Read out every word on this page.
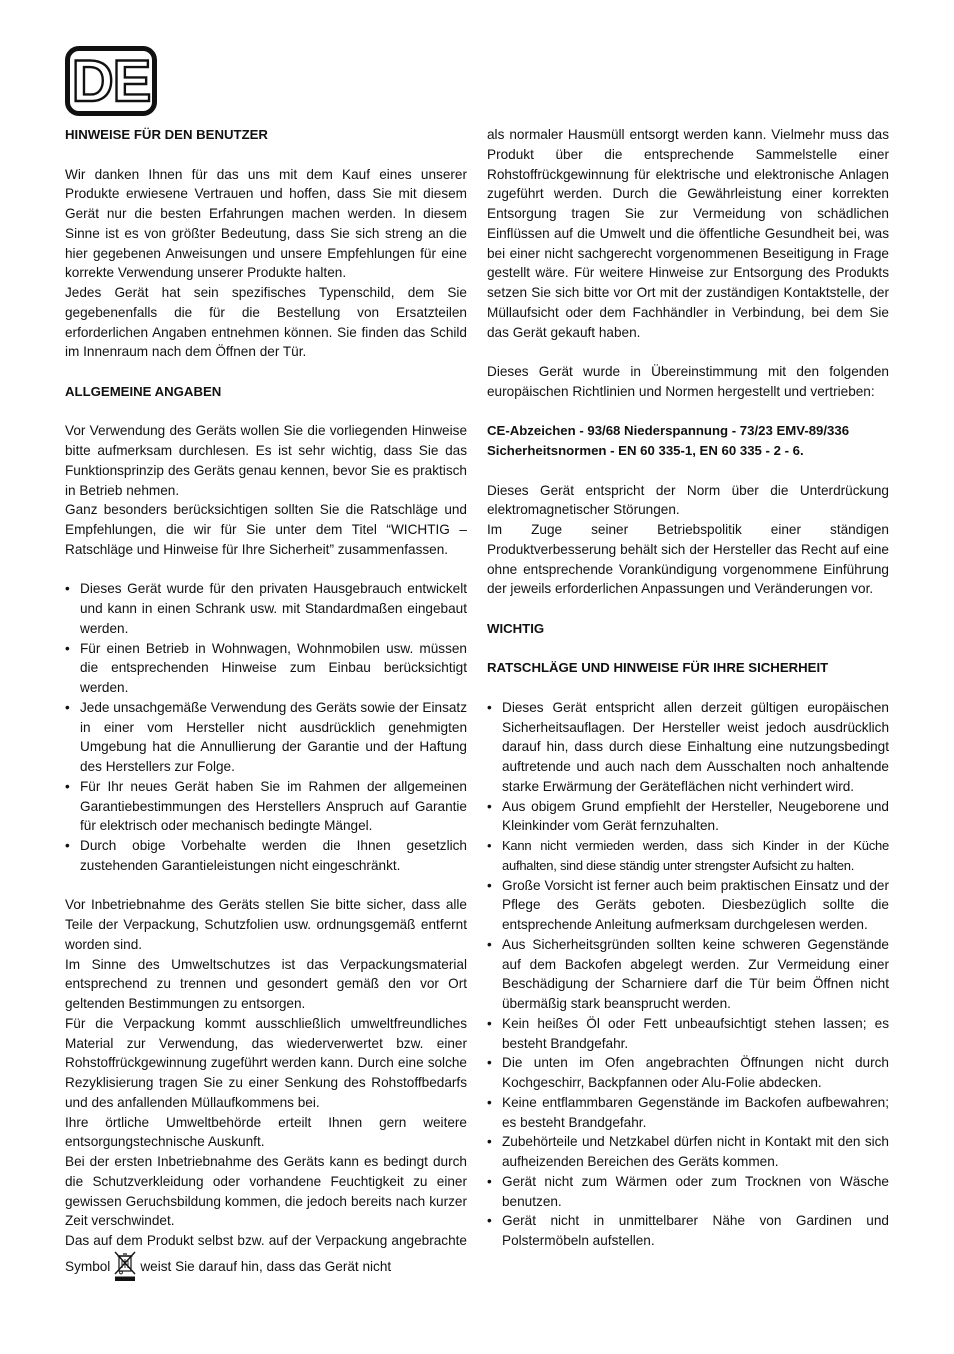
DE

HINWEISE FÜR DEN BENUTZER

Wir danken Ihnen für das uns mit dem Kauf eines unserer Produkte erwiesene Vertrauen und hoffen, dass Sie mit diesem Gerät nur die besten Erfahrungen machen werden. In diesem Sinne ist es von größter Bedeutung, dass Sie sich streng an die hier gegebenen Anweisungen und unsere Empfehlungen für eine korrekte Verwendung unserer Produkte halten.

Jedes Gerät hat sein spezifisches Typenschild, dem Sie gegebenenfalls die für die Bestellung von Ersatzteilen erforderlichen Angaben entnehmen können. Sie finden das Schild im Innenraum nach dem Öffnen der Tür.

ALLGEMEINE ANGABEN

Vor Verwendung des Geräts wollen Sie die vorliegenden Hinweise bitte aufmerksam durchlesen. Es ist sehr wichtig, dass Sie das Funktionsprinzip des Geräts genau kennen, bevor Sie es praktisch in Betrieb nehmen.

Ganz besonders berücksichtigen sollten Sie die Ratschläge und Empfehlungen, die wir für Sie unter dem Titel “WICHTIG – Ratschläge und Hinweise für Ihre Sicherheit” zusammenfassen.

• Dieses Gerät wurde für den privaten Hausgebrauch entwickelt und kann in einen Schrank usw. mit Standardmaßen eingebaut werden.
• Für einen Betrieb in Wohnwagen, Wohnmobilen usw. müssen die entsprechenden Hinweise zum Einbau berücksichtigt werden.
• Jede unsachgemäße Verwendung des Geräts sowie der Einsatz in einer vom Hersteller nicht ausdrücklich genehmigten Umgebung hat die Annullierung der Garantie und der Haftung des Herstellers zur Folge.
• Für Ihr neues Gerät haben Sie im Rahmen der allgemeinen Garantiebestimmungen des Herstellers Anspruch auf Garantie für elektrisch oder mechanisch bedingte Mängel.
• Durch obige Vorbehalte werden die Ihnen gesetzlich zustehenden Garantieleistungen nicht eingeschränkt.

Vor Inbetriebnahme des Geräts stellen Sie bitte sicher, dass alle Teile der Verpackung, Schutzfolien usw. ordnungsgemäß entfernt worden sind.

Im Sinne des Umweltschutzes ist das Verpackungsmaterial entsprechend zu trennen und gesondert gemäß den vor Ort geltenden Bestimmungen zu entsorgen.

Für die Verpackung kommt ausschließlich umweltfreundliches Material zur Verwendung, das wiederverwertet bzw. einer Rohstoffrückgewinnung zugeführt werden kann. Durch eine solche Rezyklisierung tragen Sie zu einer Senkung des Rohstoffbedarfs und des anfallenden Müllaufkommens bei.

Ihre örtliche Umweltbehörde erteilt Ihnen gern weitere entsorgungstechnische Auskunft.

Bei der ersten Inbetriebnahme des Geräts kann es bedingt durch die Schutzverkleidung oder vorhandene Feuchtigkeit zu einer gewissen Geruchsbildung kommen, die jedoch bereits nach kurzer Zeit verschwindet.

Das auf dem Produkt selbst bzw. auf der Verpackung angebrachte Symbol weist Sie darauf hin, dass das Gerät nicht

als normaler Hausmüll entsorgt werden kann. Vielmehr muss das Produkt über die entsprechende Sammelstelle einer Rohstoffrückgewinnung für elektrische und elektronische Anlagen zugeführt werden. Durch die Gewährleistung einer korrekten Entsorgung tragen Sie zur Vermeidung von schädlichen Einflüssen auf die Umwelt und die öffentliche Gesundheit bei, was bei einer nicht sachgerecht vorgenommenen Beseitigung in Frage gestellt wäre. Für weitere Hinweise zur Entsorgung des Produkts setzen Sie sich bitte vor Ort mit der zuständigen Kontaktstelle, der Müllaufsicht oder dem Fachhändler in Verbindung, bei dem Sie das Gerät gekauft haben.

Dieses Gerät wurde in Übereinstimmung mit den folgenden europäischen Richtlinien und Normen hergestellt und vertrieben:

CE-Abzeichen - 93/68 Niederspannung - 73/23 EMV-89/336

Sicherheitsnormen - EN 60 335-1, EN 60 335 - 2 - 6.

Dieses Gerät entspricht der Norm über die Unterdrückung elektromagnetischer Störungen.

Im Zuge seiner Betriebspolitik einer ständigen Produktverbesserung behält sich der Hersteller das Recht auf eine ohne entsprechende Vorankündigung vorgenommene Einführung der jeweils erforderlichen Anpassungen und Veränderungen vor.

WICHTIG

RATSCHLÄGE UND HINWEISE FÜR IHRE SICHERHEIT

• Dieses Gerät entspricht allen derzeit gültigen europäischen Sicherheitsauflagen. Der Hersteller weist jedoch ausdrücklich darauf hin, dass durch diese Einhaltung eine nutzungsbedingt auftretende und auch nach dem Ausschalten noch anhaltende starke Erwärmung der Geräteflächen nicht verhindert wird.
• Aus obigem Grund empfiehlt der Hersteller, Neugeborene und Kleinkinder vom Gerät fernzuhalten.
• Kann nicht vermieden werden, dass sich Kinder in der Küche aufhalten, sind diese ständig unter strengster Aufsicht zu halten.
• Große Vorsicht ist ferner auch beim praktischen Einsatz und der Pflege des Geräts geboten. Diesbezüglich sollte die entsprechende Anleitung aufmerksam durchgelesen werden.
• Aus Sicherheitsgründen sollten keine schweren Gegenstände auf dem Backofen abgelegt werden. Zur Vermeidung einer Beschädigung der Scharniere darf die Tür beim Öffnen nicht übermäßig stark beansprucht werden.
• Kein heißes Öl oder Fett unbeaufsichtigt stehen lassen; es besteht Brandgefahr.
• Die unten im Ofen angebrachten Öffnungen nicht durch Kochgeschirr, Backpfannen oder Alu-Folie abdecken.
• Keine entflammbaren Gegenstände im Backofen aufbewahren; es besteht Brandgefahr.
• Zubehörteile und Netzkabel dürfen nicht in Kontakt mit den sich aufheizenden Bereichen des Geräts kommen.
• Gerät nicht zum Wärmen oder zum Trocknen von Wäsche benutzen.
• Gerät nicht in unmittelbarer Nähe von Gardinen und Polstermöbeln aufstellen.
